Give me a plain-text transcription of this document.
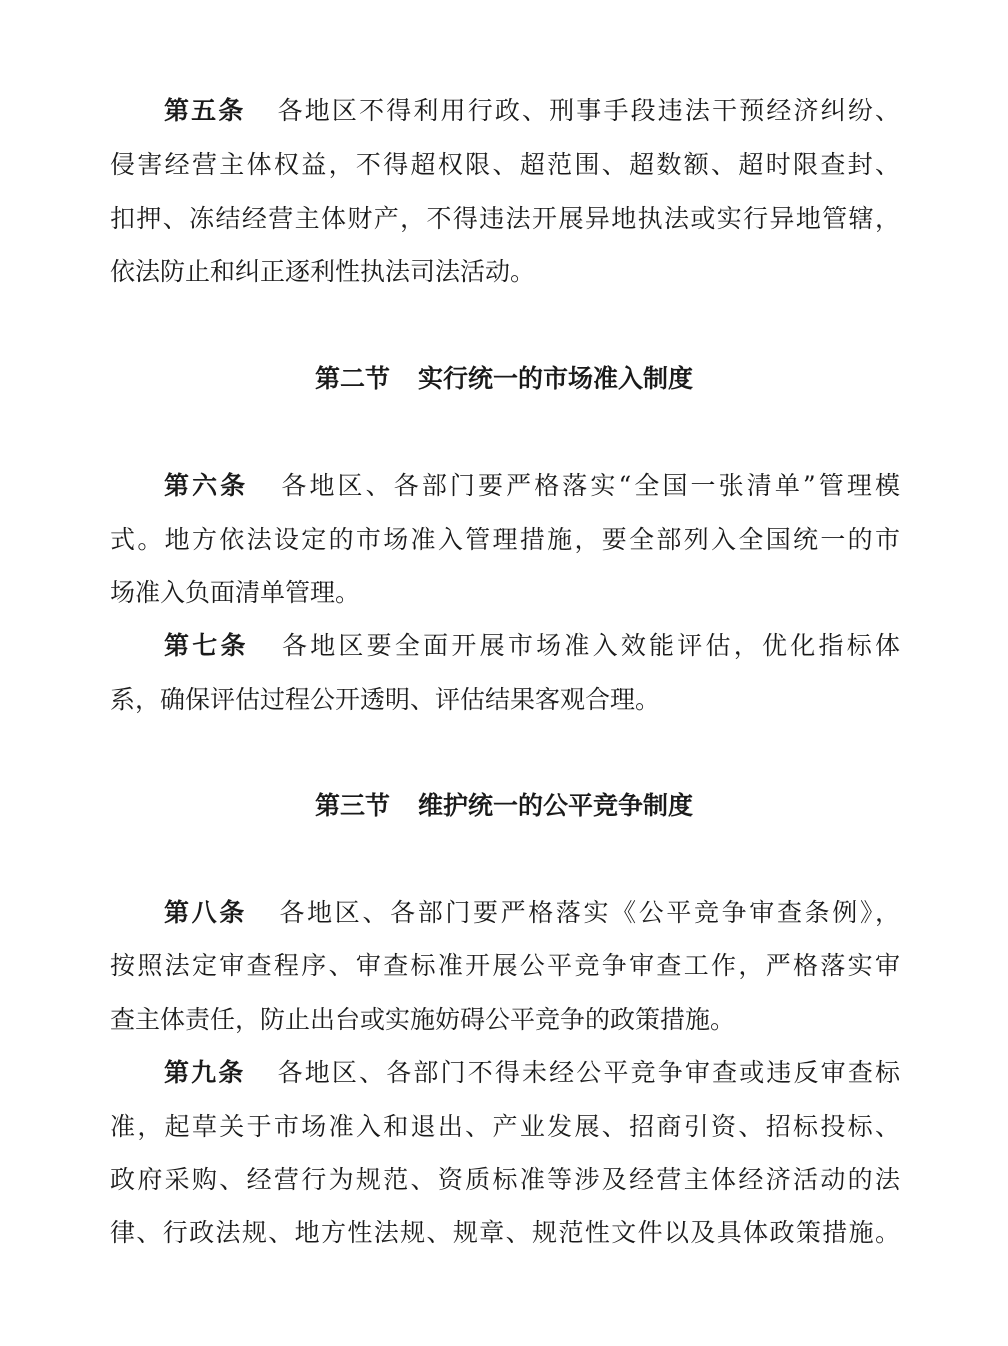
第五条 各地区不得利用行政、刑事手段违法干预经济纠纷、
侵害经营主体权益，不得超权限、超范围、超数额、超时限查封、
扣押、冻结经营主体财产，不得违法开展异地执法或实行异地管辖，
依法防止和纠正逐利性执法司法活动。
第二节 实行统一的市场准入制度
第六条 各地区、各部门要严格落实“全国一张清单”管理模
式。地方依法设定的市场准入管理措施，要全部列入全国统一的市
场准入负面清单管理。
第七条 各地区要全面开展市场准入效能评估，优化指标体
系，确保评估过程公开透明、评估结果客观合理。
第三节 维护统一的公平竞争制度
第八条 各地区、各部门要严格落实《公平竞争审查条例》，
按照法定审查程序、审查标准开展公平竞争审查工作，严格落实审
查主体责任，防止出台或实施妨碍公平竞争的政策措施。
第九条 各地区、各部门不得未经公平竞争审查或违反审查标
准，起草关于市场准入和退出、产业发展、招商引资、招标投标、
政府采购、经营行为规范、资质标准等涉及经营主体经济活动的法
律、行政法规、地方性法规、规章、规范性文件以及具体政策措施。
